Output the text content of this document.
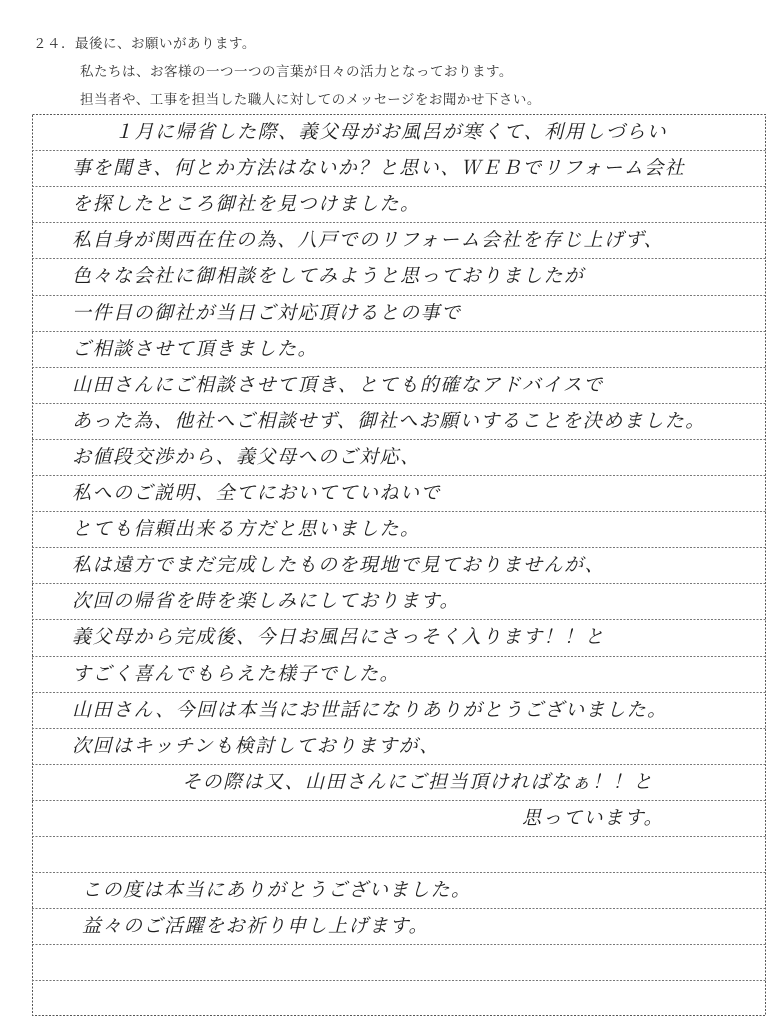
２４．最後に、お願いがあります。
私たちは、お客様の一つ一つの言葉が日々の活力となっております。
担当者や、工事を担当した職人に対してのメッセージをお聞かせ下さい。
１月に帰省した際、義父母がお風呂が寒くて、利用しづらい
事を聞き、何とか方法はないか？と思い、ＷＥＢでリフォーム会社
を探したところ御社を見つけました。
私自身が関西在住の為、八戸でのリフォーム会社を存じ上げず、
色々な会社に御相談をしてみようと思っておりましたが
一件目の御社が当日ご対応頂けるとの事で
ご相談させて頂きました。
山田さんにご相談させて頂き、とても的確なアドバイスで
あった為、他社へご相談せず、御社へお願いすることを決めました。
お値段交渉から、義父母へのご対応、
私へのご説明、全てにおいてていねいで
とても信頼出来る方だと思いました。
私は遠方でまだ完成したものを現地で見ておりませんが、
次回の帰省を時を楽しみにしております。
義父母から完成後、今日お風呂にさっそく入ります！！と
すごく喜んでもらえた様子でした。
山田さん、今回は本当にお世話になりありがとうございました。
次回はキッチンも検討しておりますが、
その際は又、山田さんにご担当頂ければなぁ！！と
思っています。
この度は本当にありがとうございました。
益々のご活躍をお祈り申し上げます。
